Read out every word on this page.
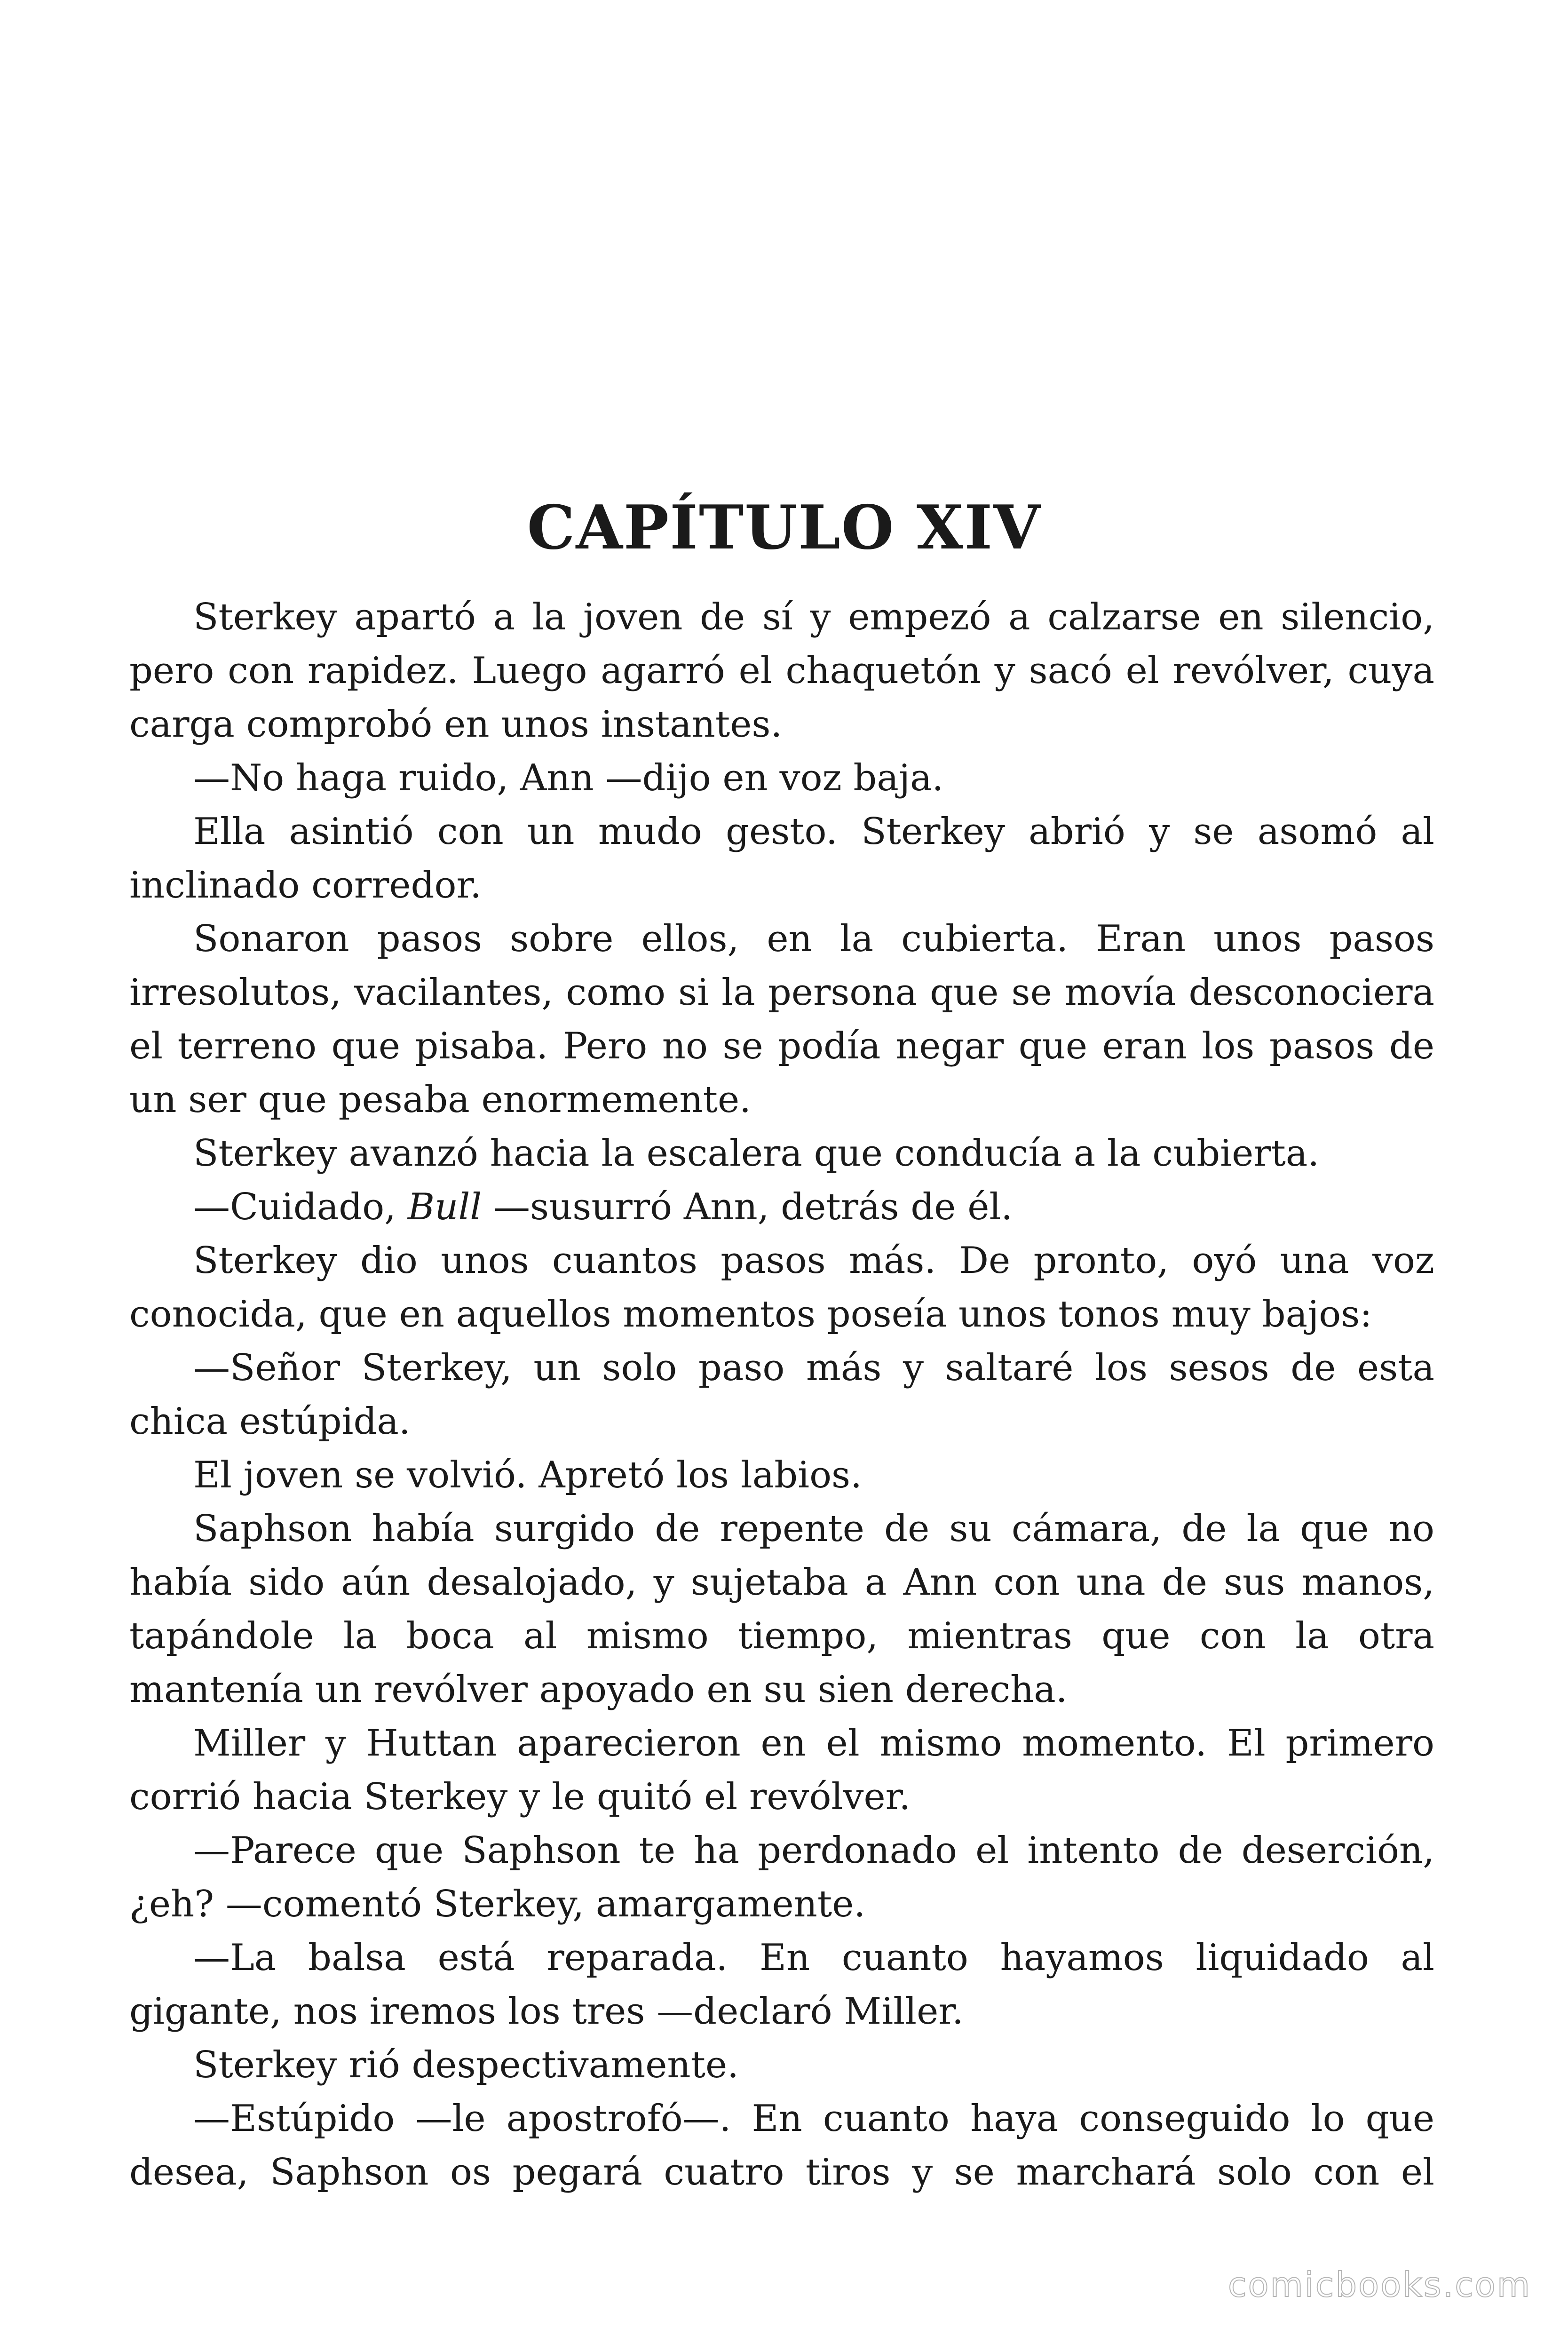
CAPÍTULO XIV

Sterkey apartó a la joven de sí y empezó a calzarse en silencio, pero con rapidez. Luego agarró el chaquetón y sacó el revólver, cuya carga comprobó en unos instantes.

—No haga ruido, Ann —dijo en voz baja.

Ella asintió con un mudo gesto. Sterkey abrió y se asomó al inclinado corredor.

Sonaron pasos sobre ellos, en la cubierta. Eran unos pasos irresolutos, vacilantes, como si la persona que se movía desconociera el terreno que pisaba. Pero no se podía negar que eran los pasos de un ser que pesaba enormemente.

Sterkey avanzó hacia la escalera que conducía a la cubierta.

—Cuidado, Bull —susurró Ann, detrás de él.

Sterkey dio unos cuantos pasos más. De pronto, oyó una voz conocida, que en aquellos momentos poseía unos tonos muy bajos:

—Señor Sterkey, un solo paso más y saltaré los sesos de esta chica estúpida.

El joven se volvió. Apretó los labios.

Saphson había surgido de repente de su cámara, de la que no había sido aún desalojado, y sujetaba a Ann con una de sus manos, tapándole la boca al mismo tiempo, mientras que con la otra mantenía un revólver apoyado en su sien derecha.

Miller y Huttan aparecieron en el mismo momento. El primero corrió hacia Sterkey y le quitó el revólver.

—Parece que Saphson te ha perdonado el intento de deserción, ¿eh? —comentó Sterkey, amargamente.

—La balsa está reparada. En cuanto hayamos liquidado al gigante, nos iremos los tres —declaró Miller.

Sterkey rió despectivamente.

—Estúpido —le apostrofó—. En cuanto haya conseguido lo que desea, Saphson os pegará cuatro tiros y se marchará solo con el

comicbooks.com
